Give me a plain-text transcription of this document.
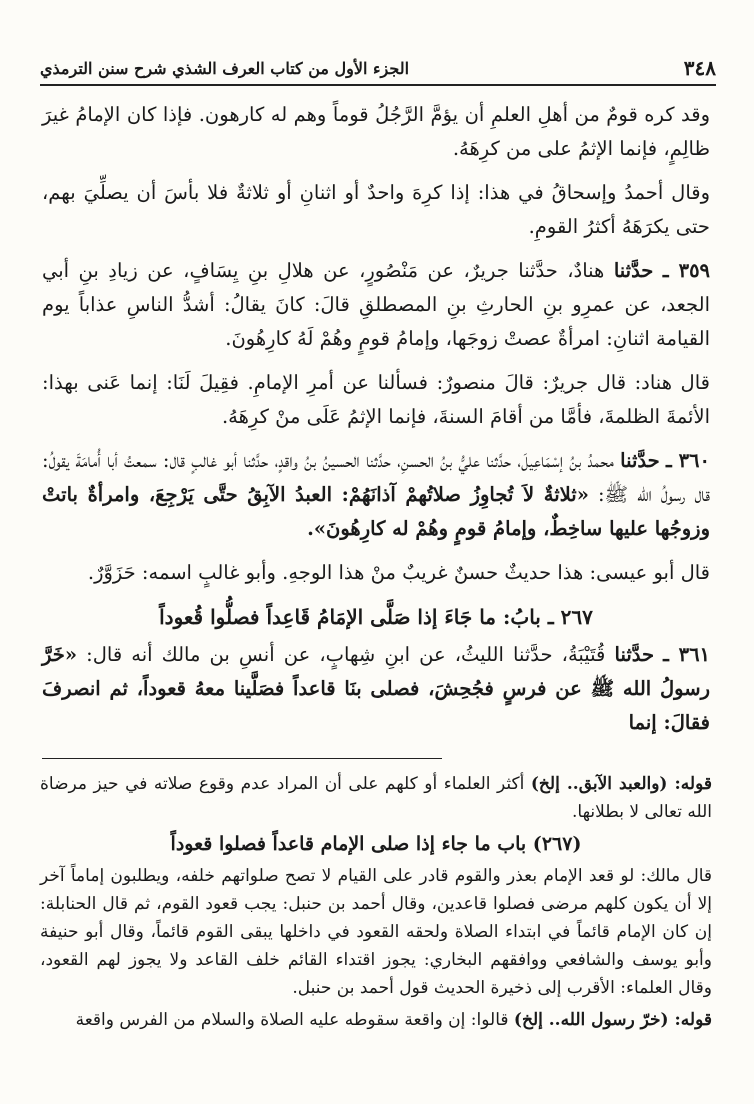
الجزء الأول من كتاب العرف الشذي شرح سنن الترمذي	٣٤٨

وقد كره قومٌ من أهلِ العلمِ أن يؤمَّ الرَّجُلُ قوماً وهم له كارهون. فإذا كان الإمامُ غيرَ ظالِمٍ، فإنما الإثمُ على من كرِهَهُ.

وقال أحمدُ وإسحاقُ في هذا: إذا كرِهَ واحدٌ أو اثنانِ أو ثلاثةٌ فلا بأسَ أن يصلِّيَ بهم، حتى يكرَهَهُ أكثرُ القومِ.

٣٥٩ ـ حدَّثنا هنادٌ، حدَّثنا جريرٌ، عن مَنْصُورٍ، عن هلالِ بنِ يِسَافٍ، عن زيادِ بنِ أبي الجعد، عن عمرِو بنِ الحارثِ بنِ المصطلقِ قالَ: كانَ يقالُ: أشدُّ الناسِ عذاباً يوم القيامة اثنانِ: امرأةٌ عصتْ زوجَها، وإمامُ قومٍ وهُمْ لَهُ كارِهُونَ.

قال هناد: قال جريرٌ: قالَ منصورٌ: فسألنا عن أمرِ الإمامِ. فقِيلَ لَنَا: إنما عَنى بهذا: الأئمةَ الظلمةَ، فأمَّا من أقامَ السنةَ، فإنما الإثمُ عَلَى منْ كرِهَهُ.

٣٦٠ ـ حدَّثنا محمدُ بنُ إسْمَاعِيلَ، حدَّثنا عليُّ بنُ الحسنِ، حدَّثنا الحسينُ بنُ واقدٍ، حدَّثنا أبو غالبٍ قال: سمعتُ أبا أُمامَةَ يقولُ: قال رسولُ الله ﷺ: «ثلاثةٌ لاَ تُجاوِزُ صلاتُهمْ آذانَهُمْ: العبدُ الآبِقُ حتَّى يَرْجِعَ، وامرأةٌ باتتْ وزوجُها عليها ساخِطٌ، وإمامُ قومٍ وهُمْ له كارِهُونَ».

قال أبو عيسى: هذا حديثٌ حسنٌ غريبٌ منْ هذا الوجهِ. وأبو غالبٍ اسمه: حَزَوَّرٌ.

٢٦٧ ـ بابُ: ما جَاءَ إذا صَلَّى الإمَامُ قَاعِداً فصلُّوا قُعوداً

٣٦١ ـ حدَّثنا قُتَيْبَةُ، حدَّثنا الليثُ، عن ابنِ شِهابٍ، عن أنسِ بن مالك أنه قال: «خَرَّ رسولُ الله ﷺ عن فرسٍ فجُحِشَ، فصلى بنَا قاعداً فصَلَّينا معهُ قعوداً، ثم انصرفَ فقالَ: إنما

قوله: (والعبد الآبق.. إلخ) أكثر العلماء أو كلهم على أن المراد عدم وقوع صلاته في حيز مرضاة الله تعالى لا بطلانها.

(٢٦٧) باب ما جاء إذا صلى الإمام قاعداً فصلوا قعوداً

قال مالك: لو قعد الإمام بعذر والقوم قادر على القيام لا تصح صلواتهم خلفه، ويطلبون إماماً آخر إلا أن يكون كلهم مرضى فصلوا قاعدين، وقال أحمد بن حنبل: يجب قعود القوم، ثم قال الحنابلة: إن كان الإمام قائماً في ابتداء الصلاة ولحقه القعود في داخلها يبقى القوم قائماً، وقال أبو حنيفة وأبو يوسف والشافعي ووافقهم البخاري: يجوز اقتداء القائم خلف القاعد ولا يجوز لهم القعود، وقال العلماء: الأقرب إلى ذخيرة الحديث قول أحمد بن حنبل.

قوله: (خرّ رسول الله.. إلخ) قالوا: إن واقعة سقوطه عليه الصلاة والسلام من الفرس واقعة
